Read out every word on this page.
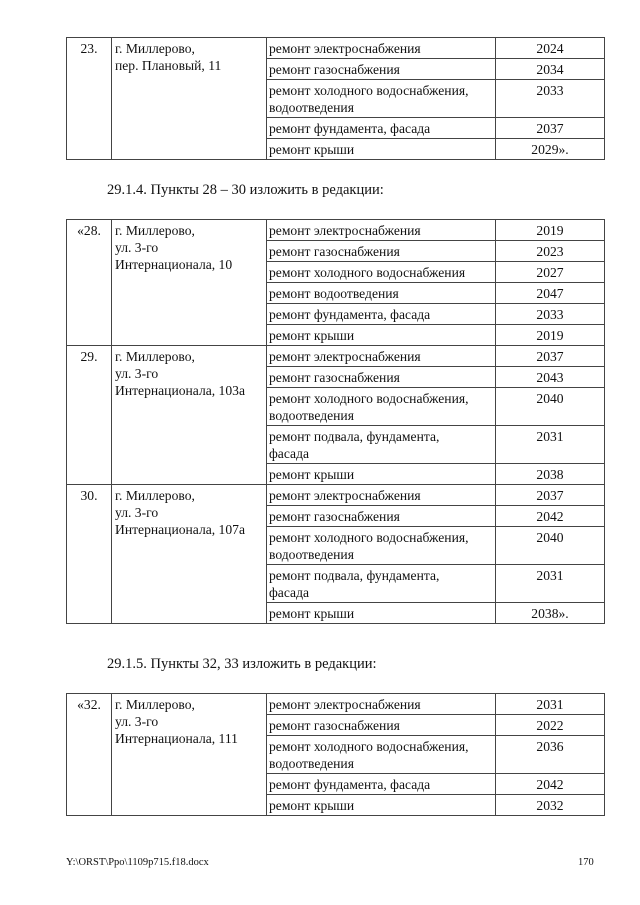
23.	г. Миллерово,
пер. Плановый, 11	ремонт электроснабжения	2024
		ремонт газоснабжения	2034
		ремонт холодного водоснабжения,
водоотведения	2033
		ремонт фундамента, фасада	2037
		ремонт крыши	2029».
29.1.4. Пункты 28 – 30 изложить в редакции:
«28.	г. Миллерово,
ул. 3-го
Интернационала, 10	ремонт электроснабжения	2019
		ремонт газоснабжения	2023
		ремонт холодного водоснабжения	2027
		ремонт водоотведения	2047
		ремонт фундамента, фасада	2033
		ремонт крыши	2019
29.	г. Миллерово,
ул. 3-го
Интернационала, 103а	ремонт электроснабжения	2037
		ремонт газоснабжения	2043
		ремонт холодного водоснабжения,
водоотведения	2040
		ремонт подвала, фундамента,
фасада	2031
		ремонт крыши	2038
30.	г. Миллерово,
ул. 3-го
Интернационала, 107а	ремонт электроснабжения	2037
		ремонт газоснабжения	2042
		ремонт холодного водоснабжения,
водоотведения	2040
		ремонт подвала, фундамента,
фасада	2031
		ремонт крыши	2038».
29.1.5. Пункты 32, 33 изложить в редакции:
«32.	г. Миллерово,
ул. 3-го
Интернационала, 111	ремонт электроснабжения	2031
		ремонт газоснабжения	2022
		ремонт холодного водоснабжения,
водоотведения	2036
		ремонт фундамента, фасада	2042
		ремонт крыши	2032
Y:\ORST\Ppo\1109p715.f18.docx	170
